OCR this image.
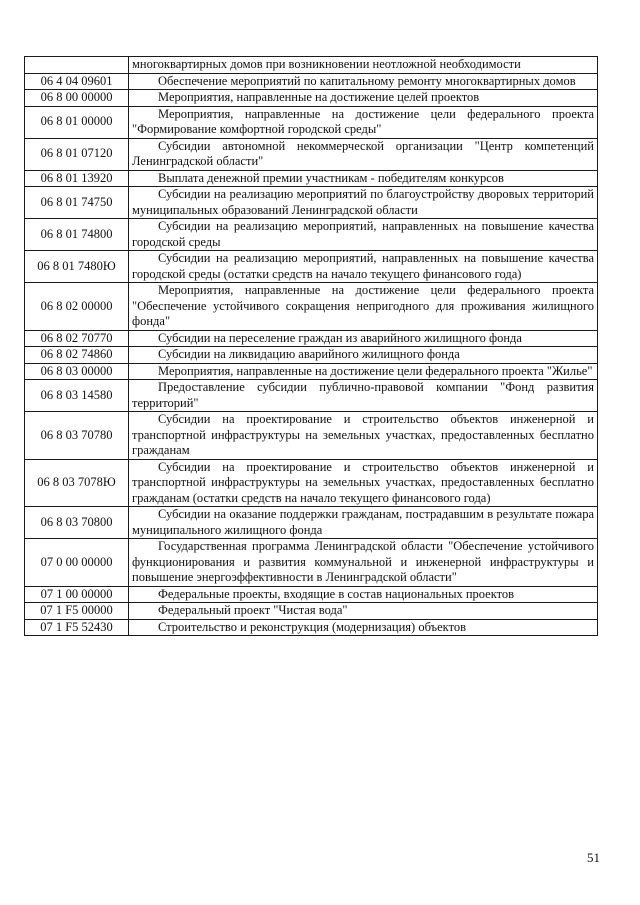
	многоквартирных домов при возникновении неотложной необходимости
06 4 04 09601	Обеспечение мероприятий по капитальному ремонту многоквартирных домов
06 8 00 00000	Мероприятия, направленные на достижение целей проектов
06 8 01 00000	Мероприятия, направленные на достижение цели федерального проекта "Формирование комфортной городской среды"
06 8 01 07120	Субсидии автономной некоммерческой организации "Центр компетенций Ленинградской области"
06 8 01 13920	Выплата денежной премии участникам - победителям конкурсов
06 8 01 74750	Субсидии на реализацию мероприятий по благоустройству дворовых территорий муниципальных образований Ленинградской области
06 8 01 74800	Субсидии на реализацию мероприятий, направленных на повышение качества городской среды
06 8 01 7480Ю	Субсидии на реализацию мероприятий, направленных на повышение качества городской среды (остатки средств на начало текущего финансового года)
06 8 02 00000	Мероприятия, направленные на достижение цели федерального проекта "Обеспечение устойчивого сокращения непригодного для проживания жилищного фонда"
06 8 02 70770	Субсидии на переселение граждан из аварийного жилищного фонда
06 8 02 74860	Субсидии на ликвидацию аварийного жилищного фонда
06 8 03 00000	Мероприятия, направленные на достижение цели федерального проекта "Жилье"
06 8 03 14580	Предоставление субсидии публично-правовой компании "Фонд развития территорий"
06 8 03 70780	Субсидии на проектирование и строительство объектов инженерной и транспортной инфраструктуры на земельных участках, предоставленных бесплатно гражданам
06 8 03 7078Ю	Субсидии на проектирование и строительство объектов инженерной и транспортной инфраструктуры на земельных участках, предоставленных бесплатно гражданам (остатки средств на начало текущего финансового года)
06 8 03 70800	Субсидии на оказание поддержки гражданам, пострадавшим в результате пожара муниципального жилищного фонда
07 0 00 00000	Государственная программа Ленинградской области "Обеспечение устойчивого функционирования и развития коммунальной и инженерной инфраструктуры и повышение энергоэффективности в Ленинградской области"
07 1 00 00000	Федеральные проекты, входящие в состав национальных проектов
07 1 F5 00000	Федеральный проект "Чистая вода"
07 1 F5 52430	Строительство и реконструкция (модернизация) объектов
51
